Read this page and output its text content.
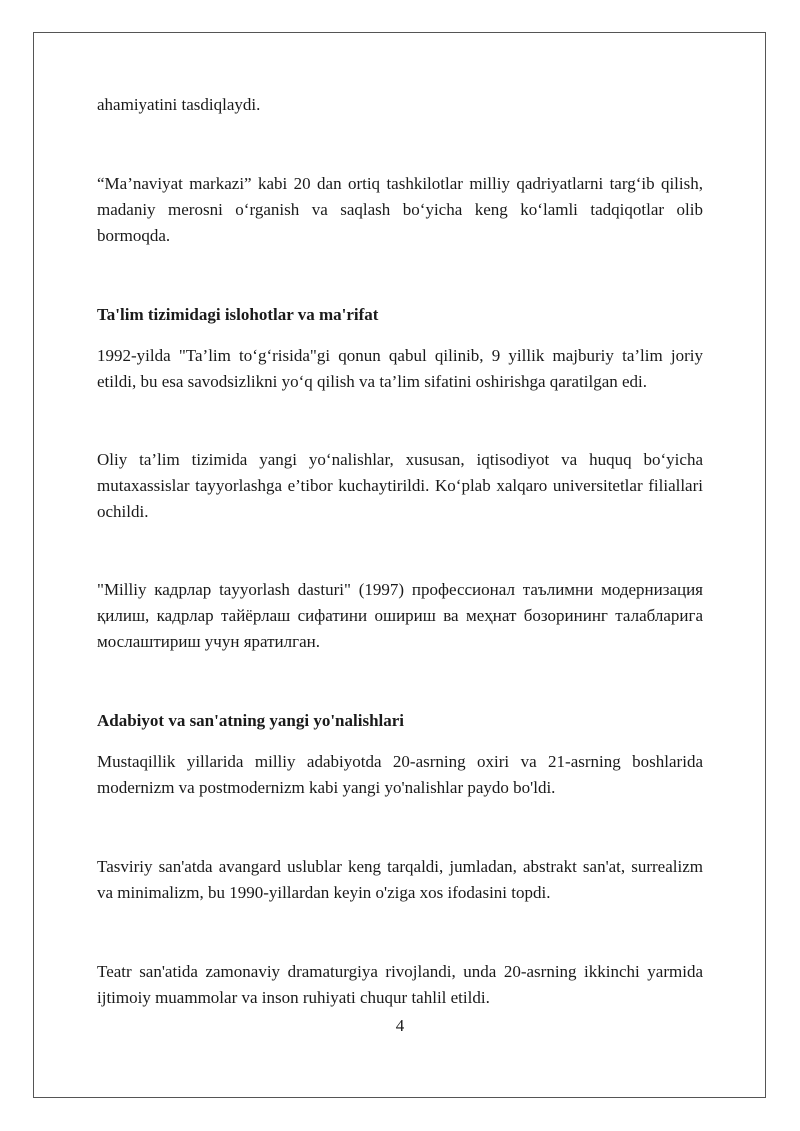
ahamiyatini tasdiqlaydi.

“Ma’naviyat markazi” kabi 20 dan ortiq tashkilotlar milliy qadriyatlarni targ‘ib qilish, madaniy merosni o‘rganish va saqlash bo‘yicha keng ko‘lamli tadqiqotlar olib bormoqda.

Ta'lim tizimidagi islohotlar va ma'rifat

1992-yilda "Ta’lim to‘g‘risida"gi qonun qabul qilinib, 9 yillik majburiy ta’lim joriy etildi, bu esa savodsizlikni yo‘q qilish va ta’lim sifatini oshirishga qaratilgan edi.

Oliy ta’lim tizimida yangi yo‘nalishlar, xususan, iqtisodiyot va huquq bo‘yicha mutaxassislar tayyorlashga e’tibor kuchaytirildi. Ko‘plab xalqaro universitetlar filiallari ochildi.

"Milliy кадрлар tayyorlash dasturi" (1997) профессионал таълимни модернизация қилиш, кадрлар тайёрлаш сифатини ошириш ва меҳнат бозорининг талабларига мослаштириш учун яратилган.

Adabiyot va san'atning yangi yo'nalishlari

Mustaqillik yillarida milliy adabiyotda 20-asrning oxiri va 21-asrning boshlarida modernizm va postmodernizm kabi yangi yo'nalishlar paydo bo'ldi.

Tasviriy san'atda avangard uslublar keng tarqaldi, jumladan, abstrakt san'at, surrealizm va minimalizm, bu 1990-yillardan keyin o'ziga xos ifodasini topdi.

Teatr san'atida zamonaviy dramaturgiya rivojlandi, unda 20-asrning ikkinchi yarmida ijtimoiy muammolar va inson ruhiyati chuqur tahlil etildi.

4
